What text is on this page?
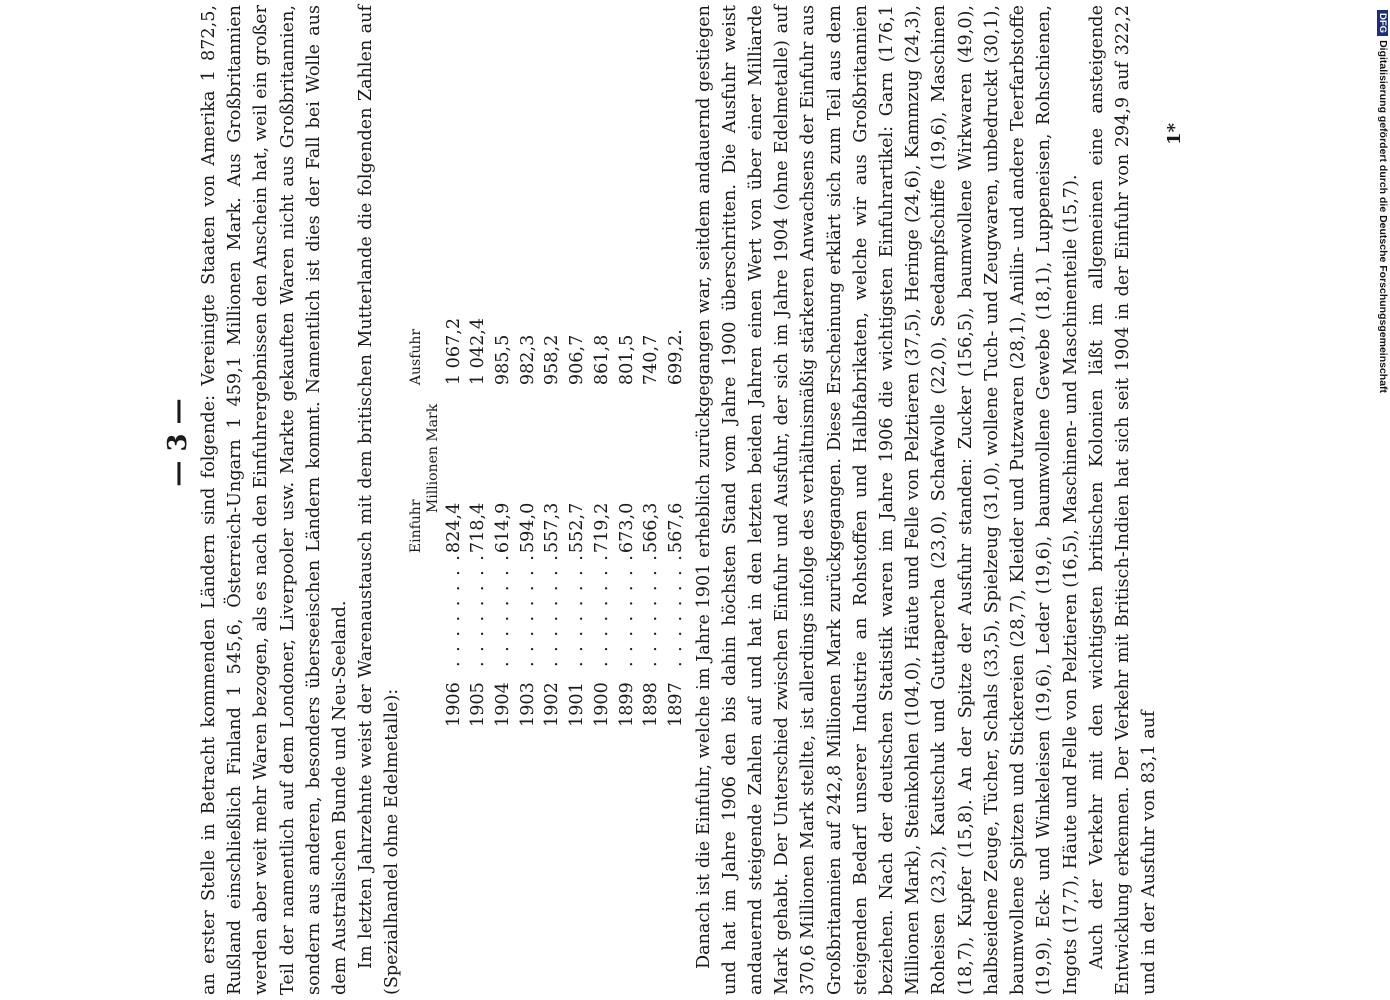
— 3 — an erster Stelle in Betracht kommenden Ländern sind folgende: Vereinigte Staaten von Amerika 1 872,5, Rußland einschließlich Finland 1 545,6, Österreich-Ungarn 1 459,1 Millionen Mark. Aus Großbritannien werden aber weit mehr Waren bezogen, als es nach den Einfuhrergebnissen den Anschein hat, weil ein großer Teil der namentlich auf dem Londoner, Liverpooler usw. Markte gekauften Waren nicht aus Großbritannien, sondern aus anderen, besonders überseeischen Ländern kommt. Namentlich ist dies der Fall bei Wolle aus dem Australischen Bunde und Neu-Seeland. Im letzten Jahrzehnte weist der Warenaustausch mit dem britischen Mutterlande die folgenden Zahlen auf (Spezialhandel ohne Edelmetalle):

		Einfuhr	Ausfuhr
		Millionen Mark	
1906	. . . . . . . .	824,4	1 067,2
1905	. . . . . . . .	718,4	1 042,4
1904	. . . . . . . .	614,9	985,5
1903	. . . . . . . .	594,0	982,3
1902	. . . . . . . .	557,3	958,2
1901	. . . . . . . .	552,7	906,7
1900	. . . . . . . .	719,2	861,8
1899	. . . . . . . .	673,0	801,5
1898	. . . . . . . .	566,3	740,7
1897	. . . . . . . .	567,6	699,2. Danach ist die Einfuhr, welche im Jahre 1901 erheblich zurückgegangen war, seitdem andauernd gestiegen und hat im Jahre 1906 den bis dahin höchsten Stand vom Jahre 1900 überschritten. Die Ausfuhr weist andauernd steigende Zahlen auf und hat in den letzten beiden Jahren einen Wert von über einer Milliarde Mark gehabt. Der Unterschied zwischen Einfuhr und Ausfuhr, der sich im Jahre 1904 (ohne Edelmetalle) auf 370,6 Millionen Mark stellte, ist allerdings infolge des verhältnismäßig stärkeren Anwachsens der Einfuhr aus Großbritannien auf 242,8 Millionen Mark zurückgegangen. Diese Erscheinung erklärt sich zum Teil aus dem steigenden Bedarf unserer Industrie an Rohstoffen und Halbfabrikaten, welche wir aus Großbritannien beziehen. Nach der deutschen Statistik waren im Jahre 1906 die wichtigsten Einfuhrartikel: Garn (176,1 Millionen Mark), Steinkohlen (104,0), Häute und Felle von Pelztieren (37,5), Heringe (24,6), Kammzug (24,3), Roheisen (23,2), Kautschuk und Guttapercha (23,0), Schafwolle (22,0), Seedampfschiffe (19,6), Maschinen (18,7), Kupfer (15,8). An der Spitze der Ausfuhr standen: Zucker (156,5), baumwollene Wirkwaren (49,0), halbseidene Zeuge, Tücher, Schals (33,5), Spielzeug (31,0), wollene Tuch- und Zeugwaren, unbedruckt (30,1), baumwollene Spitzen und Stickereien (28,7), Kleider und Putzwaren (28,1), Anilin- und andere Teerfarbstoffe (19,9), Eck- und Winkeleisen (19,6), Leder (19,6), baumwollene Gewebe (18,1), Luppeneisen, Rohschienen, Ingots (17,7), Häute und Felle von Pelztieren (16,5), Maschinen- und Maschinenteile (15,7). Auch der Verkehr mit den wichtigsten britischen Kolonien läßt im allgemeinen eine ansteigende Entwicklung erkennen. Der Verkehr mit Britisch-Indien hat sich seit 1904 in der Einfuhr von 294,9 auf 322,2 und in der Ausfuhr von 83,1 auf

1*
DFGDigitalisierung gefördert durch die Deutsche Forschungsgemeinschaft
